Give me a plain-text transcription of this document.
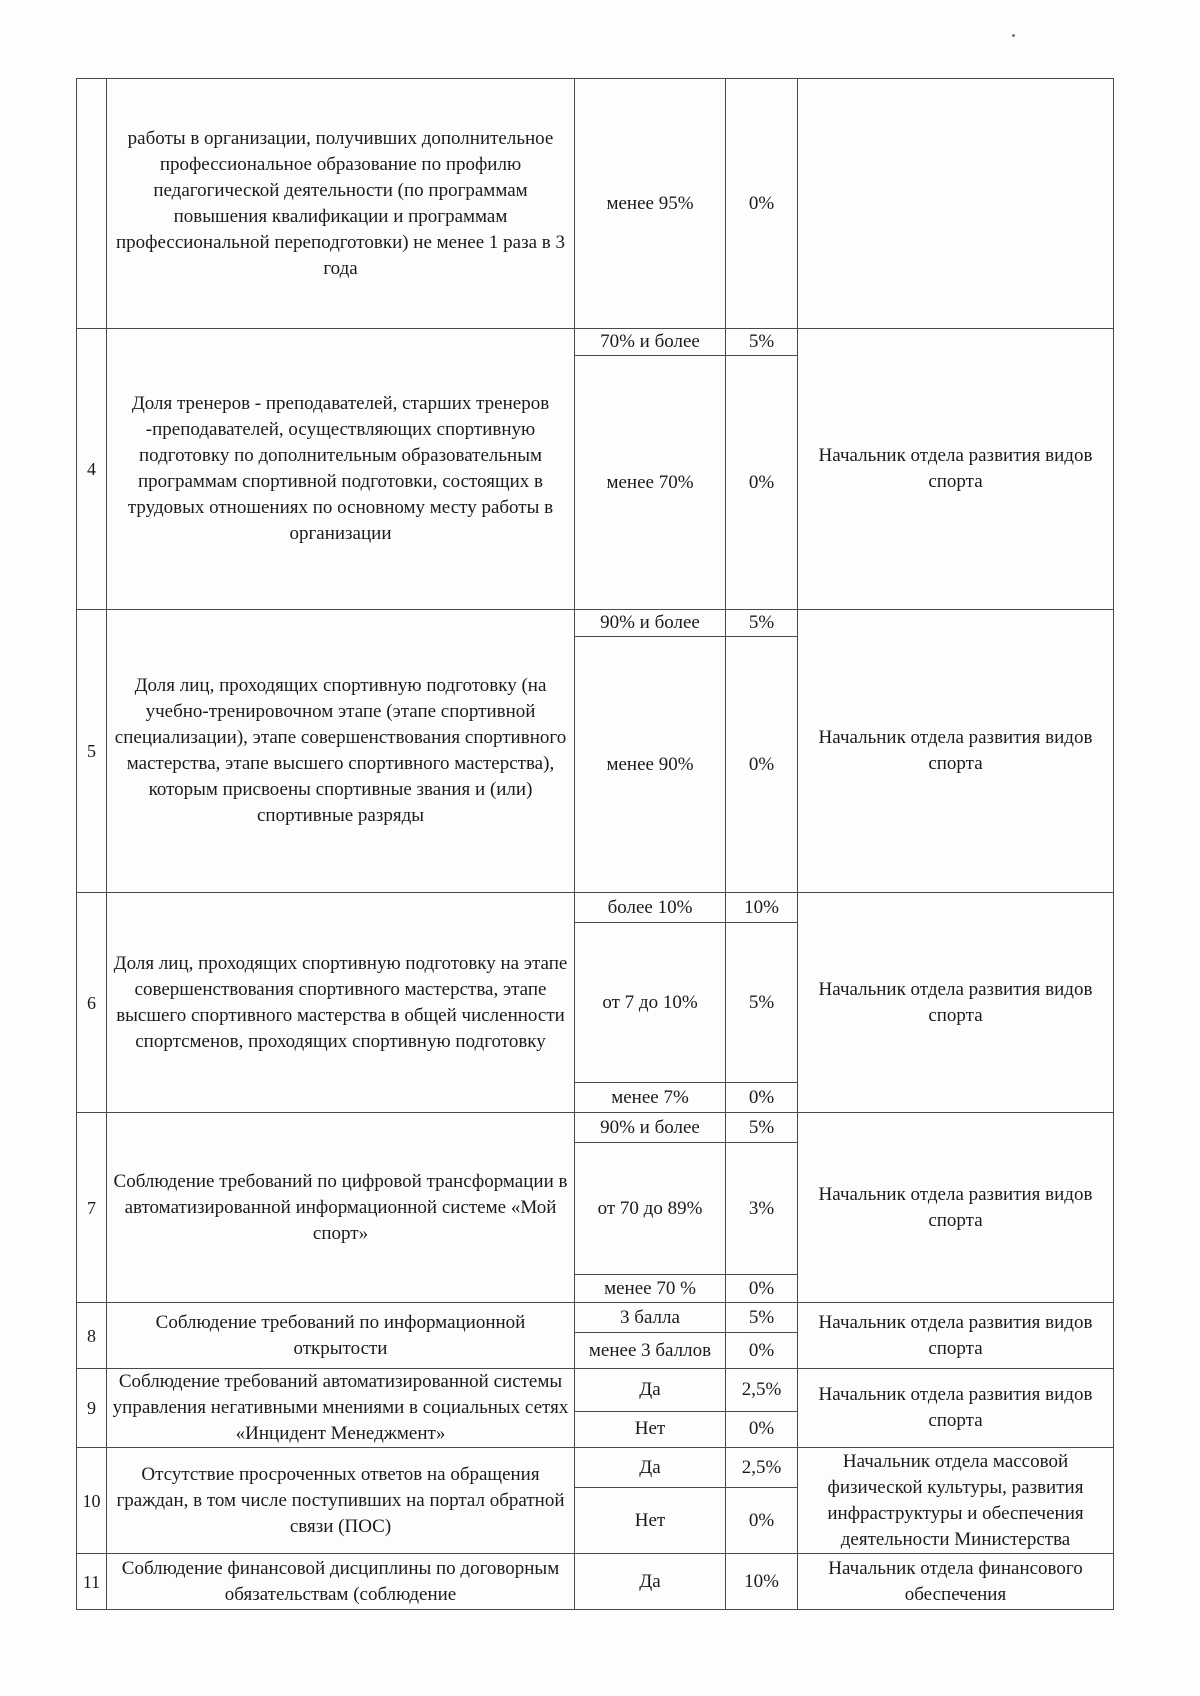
	работы в организации, получивших дополнительное профессиональное образование по профилю педагогической деятельности (по программам повышения квалификации и программам профессиональной переподготовки) не менее 1 раза в 3 года	менее 95%	0%	
4	Доля тренеров - преподавателей, старших тренеров -преподавателей, осуществляющих спортивную подготовку по дополнительным образовательным программам спортивной подготовки, состоящих в трудовых отношениях по основному месту работы в организации	70% и более	5%	Начальник отдела развития видов спорта
		менее 70%	0%	
5	Доля лиц, проходящих спортивную подготовку (на учебно-тренировочном этапе (этапе спортивной специализации), этапе совершенствования спортивного мастерства, этапе высшего спортивного мастерства), которым присвоены спортивные звания и (или) спортивные разряды	90% и более	5%	Начальник отдела развития видов спорта
		менее 90%	0%	
6	Доля лиц, проходящих спортивную подготовку на этапе совершенствования спортивного мастерства, этапе высшего спортивного мастерства в общей численности спортсменов, проходящих спортивную подготовку	более 10%	10%	Начальник отдела развития видов спорта
		от 7 до 10%	5%	
		менее 7%	0%	
7	Соблюдение требований по цифровой трансформации в автоматизированной информационной системе «Мой спорт»	90% и более	5%	Начальник отдела развития видов спорта
		от 70 до 89%	3%	
		менее 70 %	0%	
8	Соблюдение требований по информационной открытости	3 балла	5%	Начальник отдела развития видов спорта
		менее 3 баллов	0%	
9	Соблюдение требований автоматизированной системы управления негативными мнениями в социальных сетях «Инцидент Менеджмент»	Да	2,5%	Начальник отдела развития видов спорта
		Нет	0%	
10	Отсутствие просроченных ответов на обращения граждан, в том числе поступивших на портал обратной связи (ПОС)	Да	2,5%	Начальник отдела массовой физической культуры, развития инфраструктуры и обеспечения деятельности Министерства
		Нет	0%	
11	Соблюдение финансовой дисциплины по договорным обязательствам (соблюдение	Да	10%	Начальник отдела финансового обеспечения
